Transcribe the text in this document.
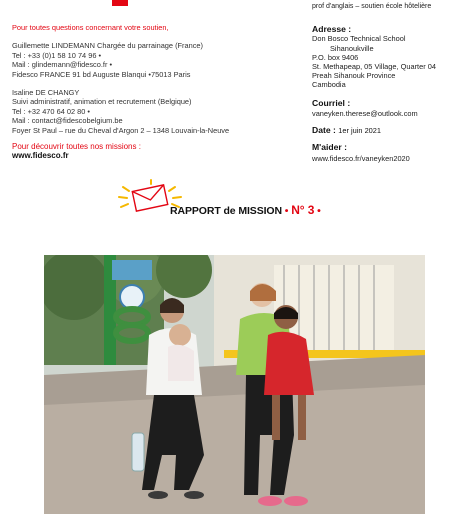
Pour toutes questions concernant votre soutien,
Guillemette LINDEMANN Chargée du parrainage (France)
Tel : +33 (0)1 58 10 74 96 •
Mail : glindemann@fidesco.fr •
Fidesco FRANCE 91 bd Auguste Blanqui •75013 Paris
Isaline DE CHANGY
Suivi administratif, animation et recrutement (Belgique)
Tel : +32 470 64 02 80 •
Mail : contact@fidescobelgium.be
Foyer St Paul – rue du Cheval d'Argon 2 – 1348 Louvain-la-Neuve
Pour découvrir toutes nos missions :
www.fidesco.fr
prof d'anglais – soutien école hôtelière
Adresse :
Don Bosco Technical School
Sihanoukville
P.O. box 9406
St. Methapeap, 05 Village, Quarter 04
Preah Sihanouk Province
Cambodia
Courriel :
vaneyken.therese@outlook.com
Date : 1er juin 2021
M'aider :
www.fidesco.fr/vaneyken2020
RAPPORT de MISSION • N° 3 •
